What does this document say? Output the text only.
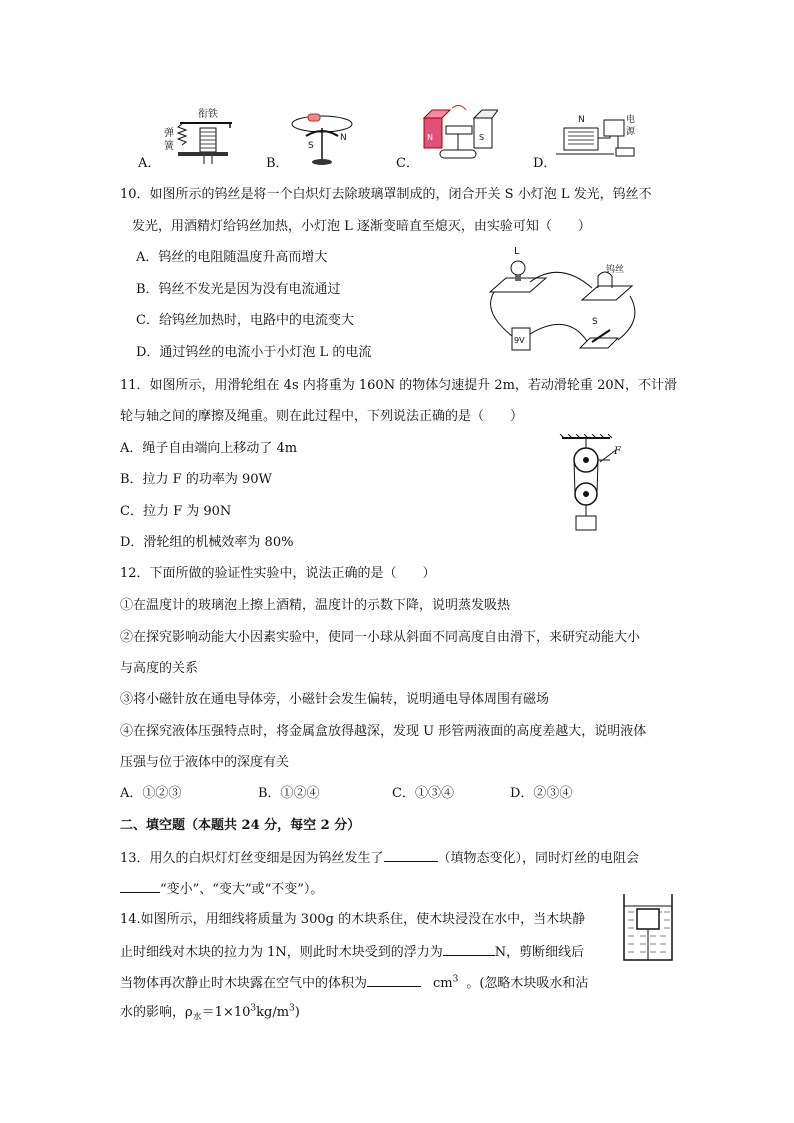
衔铁
弹
簧	S
N	N	S
N	电
源
A．	B．	C．	D．
10．如图所示的钨丝是将一个白炽灯去除玻璃罩制成的，闭合开关 S 小灯泡 L 发光，钨丝不
发光，用酒精灯给钨丝加热，小灯泡 L 逐渐变暗直至熄灭，由实验可知（　　）
A．钨丝的电阻随温度升高而增大
B．钨丝不发光是因为没有电流通过
C．给钨丝加热时，电路中的电流变大
D．通过钨丝的电流小于小灯泡 L 的电流
L
钨丝
9V
S
11．如图所示，用滑轮组在 4s 内将重为 160N 的物体匀速提升 2m，若动滑轮重 20N，不计滑
轮与轴之间的摩擦及绳重。则在此过程中，下列说法正确的是（　　）
A．绳子自由端向上移动了 4m
B．拉力 F 的功率为 90W
C．拉力 F 为 90N
D．滑轮组的机械效率为 80%
F
12．下面所做的验证性实验中，说法正确的是（　　）
①在温度计的玻璃泡上擦上酒精，温度计的示数下降，说明蒸发吸热
②在探究影响动能大小因素实验中，使同一小球从斜面不同高度自由滑下，来研究动能大小
与高度的关系
③将小磁针放在通电导体旁，小磁针会发生偏转，说明通电导体周围有磁场
④在探究液体压强特点时，将金属盒放得越深，发现 U 形管两液面的高度差越大，说明液体
压强与位于液体中的深度有关
A．①②③	B．①②④	C．①③④	D．②③④
二、填空题（本题共 24 分，每空 2 分）
13．用久的白炽灯灯丝变细是因为钨丝发生了	（填物态变化），同时灯丝的电阻会
“变小”、“变大”或“不变”）。
14.如图所示，用细线将质量为 300g 的木块系住，使木块浸没在水中，当木块静
止时细线对木块的拉力为 1N，则此时木块受到的浮力为	N，剪断细线后
当物体再次静止时木块露在空气中的体积为	$cm^3$ 。(忽略木块吸水和沾
水的影响，$\rho_水=1\times 10^3kg/m^3$)
